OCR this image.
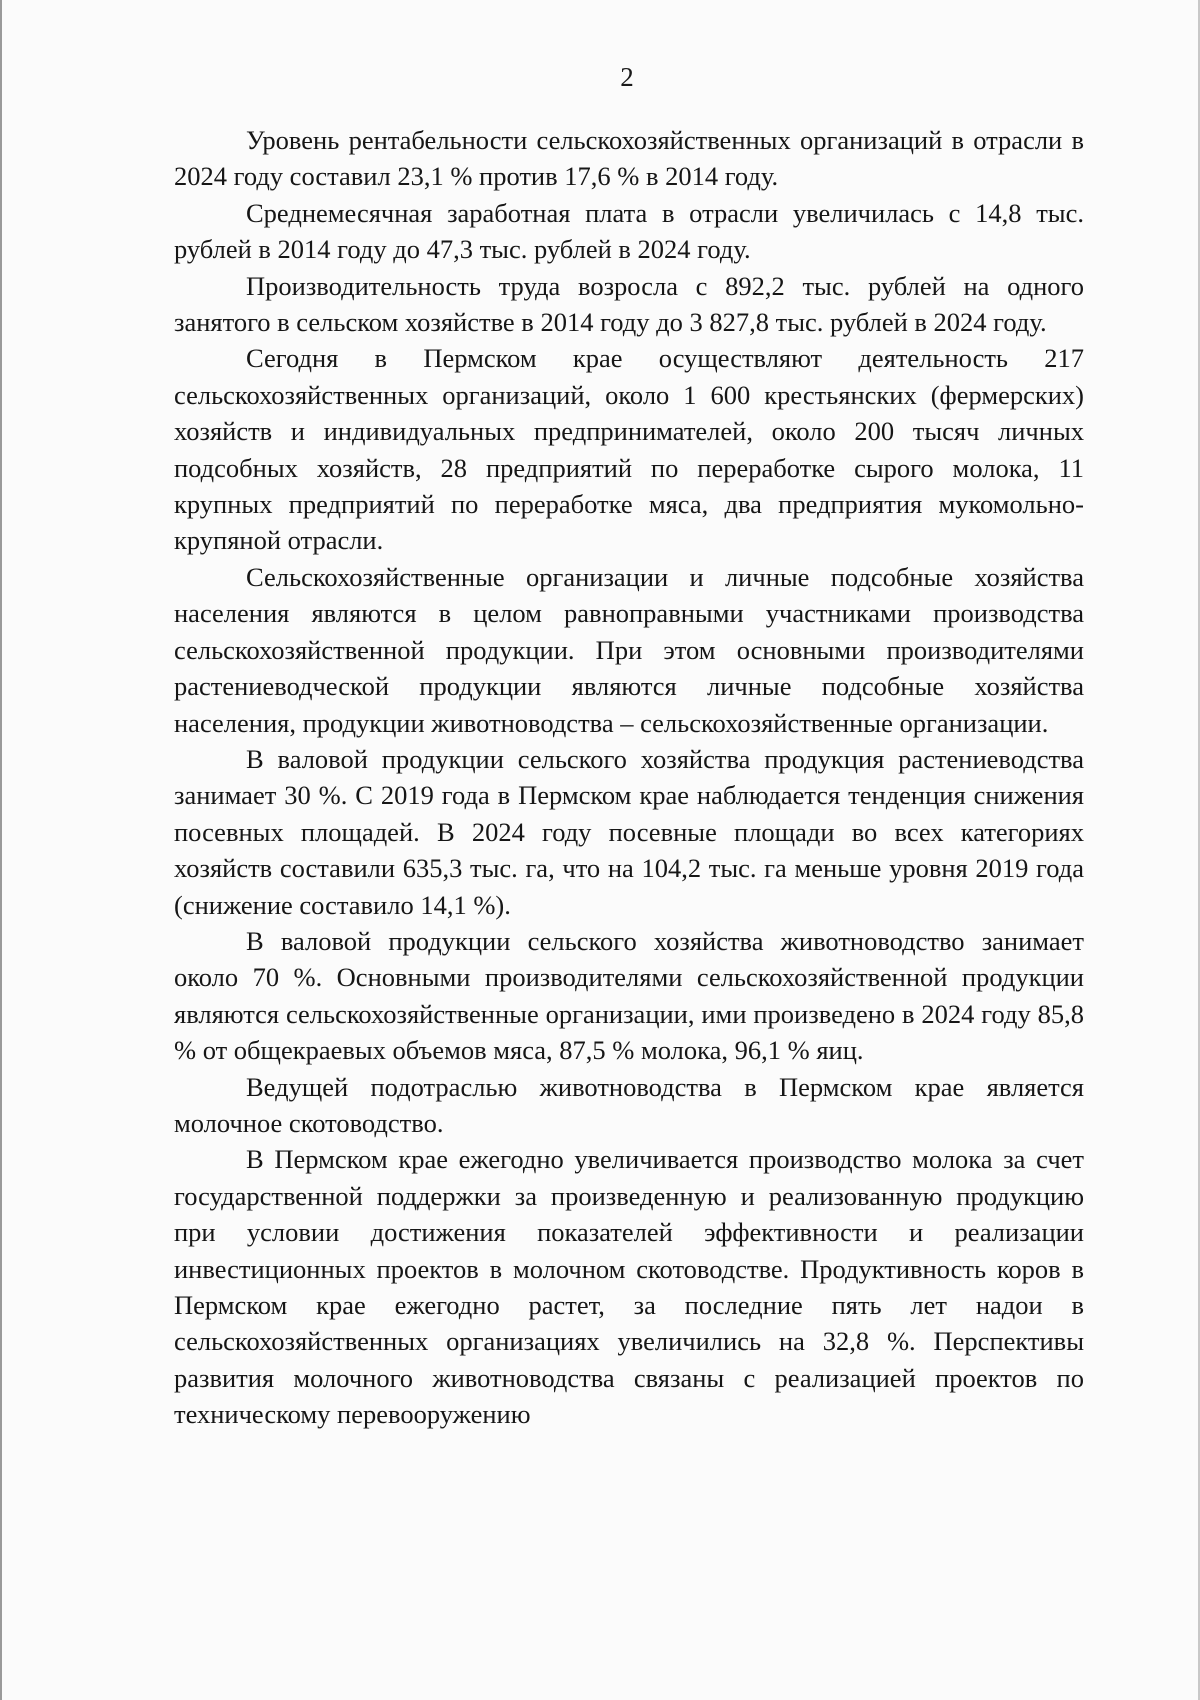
2

Уровень рентабельности сельскохозяйственных организаций в отрасли в 2024 году составил 23,1 % против 17,6 % в 2014 году.

Среднемесячная заработная плата в отрасли увеличилась с 14,8 тыс. рублей в 2014 году до 47,3 тыс. рублей в 2024 году.

Производительность труда возросла с 892,2 тыс. рублей на одного занятого в сельском хозяйстве в 2014 году до 3 827,8 тыс. рублей в 2024 году.

Сегодня в Пермском крае осуществляют деятельность 217 сельскохозяйственных организаций, около 1 600 крестьянских (фермерских) хозяйств и индивидуальных предпринимателей, около 200 тысяч личных подсобных хозяйств, 28 предприятий по переработке сырого молока, 11 крупных предприятий по переработке мяса, два предприятия мукомольно-крупяной отрасли.

Сельскохозяйственные организации и личные подсобные хозяйства населения являются в целом равноправными участниками производства сельскохозяйственной продукции. При этом основными производителями растениеводческой продукции являются личные подсобные хозяйства населения, продукции животноводства – сельскохозяйственные организации.

В валовой продукции сельского хозяйства продукция растениеводства занимает 30 %. С 2019 года в Пермском крае наблюдается тенденция снижения посевных площадей. В 2024 году посевные площади во всех категориях хозяйств составили 635,3 тыс. га, что на 104,2 тыс. га меньше уровня 2019 года (снижение составило 14,1 %).

В валовой продукции сельского хозяйства животноводство занимает около 70 %. Основными производителями сельскохозяйственной продукции являются сельскохозяйственные организации, ими произведено в 2024 году 85,8 % от общекраевых объемов мяса, 87,5 % молока, 96,1 % яиц.

Ведущей подотраслью животноводства в Пермском крае является молочное скотоводство.

В Пермском крае ежегодно увеличивается производство молока за счет государственной поддержки за произведенную и реализованную продукцию при условии достижения показателей эффективности и реализации инвестиционных проектов в молочном скотоводстве. Продуктивность коров в Пермском крае ежегодно растет, за последние пять лет надои в сельскохозяйственных организациях увеличились на 32,8 %. Перспективы развития молочного животноводства связаны с реализацией проектов по техническому перевооружению
